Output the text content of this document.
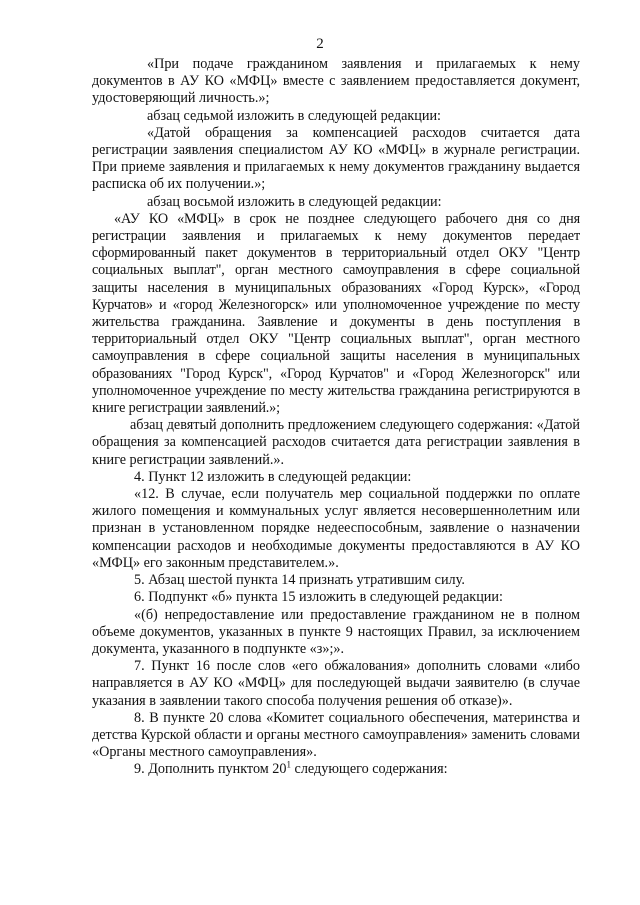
2

«При подаче гражданином заявления и прилагаемых к нему документов в АУ КО «МФЦ» вместе с заявлением предоставляется документ, удостоверяющий личность.»;

абзац седьмой изложить в следующей редакции:

«Датой обращения за компенсацией расходов считается дата регистрации заявления специалистом АУ КО «МФЦ» в журнале регистрации. При приеме заявления и прилагаемых к нему документов гражданину выдается расписка об их получении.»;

абзац восьмой изложить в следующей редакции:

«АУ КО «МФЦ» в срок не позднее следующего рабочего дня со дня регистрации заявления и прилагаемых к нему документов передает сформированный пакет документов в территориальный отдел ОКУ "Центр социальных выплат", орган местного самоуправления в сфере социальной защиты населения в муниципальных образованиях «Город Курск», «Город Курчатов» и «город Железногорск» или уполномоченное учреждение по месту жительства гражданина. Заявление и документы в день поступления в территориальный отдел ОКУ "Центр социальных выплат", орган местного самоуправления в сфере социальной защиты населения в муниципальных образованиях "Город Курск", «Город Курчатов" и «Город Железногорск" или уполномоченное учреждение по месту жительства гражданина регистрируются в книге регистрации заявлений.»;

абзац девятый дополнить предложением следующего содержания: «Датой обращения за компенсацией расходов считается дата регистрации заявления в книге регистрации заявлений.».

4. Пункт 12 изложить в следующей редакции:

«12. В случае, если получатель мер социальной поддержки по оплате жилого помещения и коммунальных услуг является несовершеннолетним или признан в установленном порядке недееспособным, заявление о назначении компенсации расходов и необходимые документы предоставляются в АУ КО «МФЦ» его законным представителем.».

5. Абзац шестой пункта 14 признать утратившим силу.

6. Подпункт «б» пункта 15 изложить в следующей редакции:

«(б) непредоставление или предоставление гражданином не в полном объеме документов, указанных в пункте 9 настоящих Правил, за исключением документа, указанного в подпункте «з»;».

7. Пункт 16 после слов «его обжалования» дополнить словами «либо направляется в АУ КО «МФЦ» для последующей выдачи заявителю (в случае указания в заявлении такого способа получения решения об отказе)».

8. В пункте 20 слова «Комитет социального обеспечения, материнства и детства Курской области и органы местного самоуправления» заменить словами «Органы местного самоуправления».

9. Дополнить пунктом $20^1$ следующего содержания:
